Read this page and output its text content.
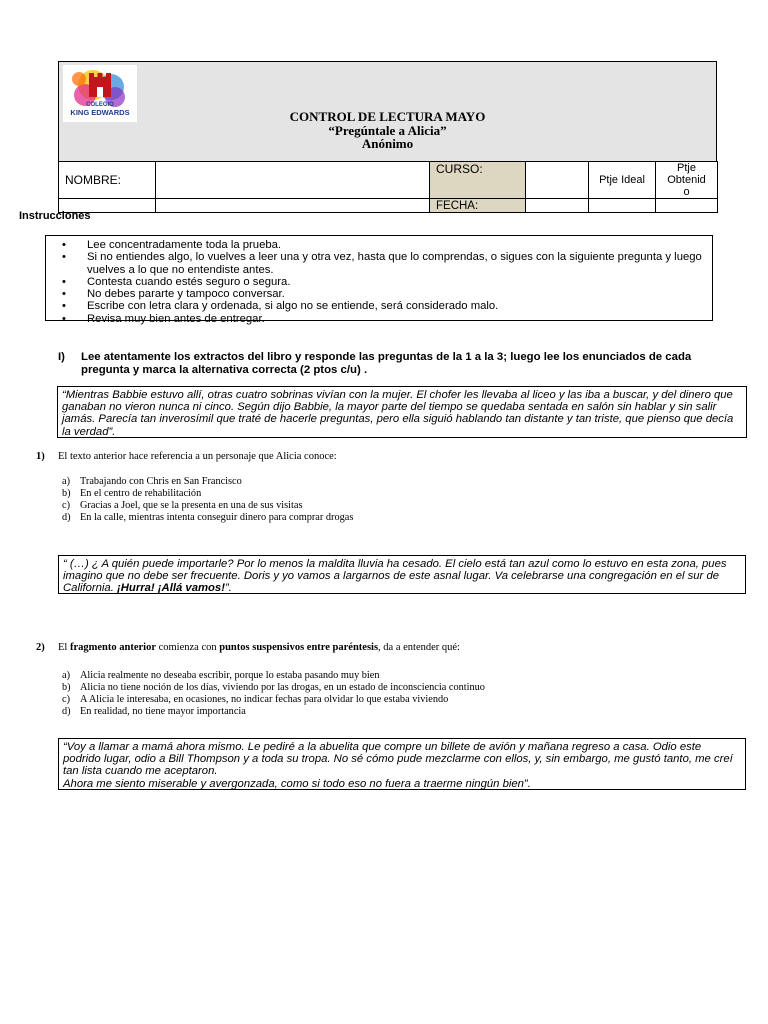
COLEGIO
KING EDWARDS	CONTROL DE LECTURA MAYO
“Pregúntale a Alicia”
Anónimo
NOMBRE:		CURSO:		Ptje Ideal	Ptje
Obtenid
o

		FECHA:			
Instrucciones
• Lee concentradamente toda la prueba.
• Si no entiendes algo, lo vuelves a leer una y otra vez, hasta que lo comprendas, o sigues con la siguiente pregunta y luego vuelves a lo que no entendiste antes.
• Contesta cuando estés seguro o segura.
• No debes pararte y tampoco conversar.
• Escribe con letra clara y ordenada, si algo no se entiende, será considerado malo.
• Revisa muy bien antes de entregar.
I) Lee atentamente los extractos del libro y responde las preguntas de la 1 a la 3; luego lee los enunciados de cada pregunta y marca la alternativa correcta (2 ptos c/u) .
“Mientras Babbie estuvo allí, otras cuatro sobrinas vivían con la mujer. El chofer les llevaba al liceo y las iba a buscar, y del dinero que ganaban no vieron nunca ni cinco. Según dijo Babbie, la mayor parte del tiempo se quedaba sentada en salón sin hablar y sin salir jamás. Parecía tan inverosímil que traté de hacerle preguntas, pero ella siguió hablando tan distante y tan triste, que pienso que decía la verdad”.
1) El texto anterior hace referencia a un personaje que Alicia conoce:
a) Trabajando con Chris en San Francisco
b) En el centro de rehabilitación
c) Gracias a Joel, que se la presenta en una de sus visitas
d) En la calle, mientras intenta conseguir dinero para comprar drogas
“ (…) ¿ A quién puede importarle? Por lo menos la maldita lluvia ha cesado. El cielo está tan azul como lo estuvo en esta zona, pues imagino que no debe ser frecuente. Doris y yo vamos a largarnos de este asnal lugar. Va celebrarse una congregación en el sur de California. ¡Hurra! ¡Allá vamos!”.
2) El fragmento anterior comienza con puntos suspensivos entre paréntesis, da a entender qué:
a) Alicia realmente no deseaba escribir, porque lo estaba pasando muy bien
b) Alicia no tiene noción de los días, viviendo por las drogas, en un estado de inconsciencia continuo
c) A Alicia le interesaba, en ocasiones, no indicar fechas para olvidar lo que estaba viviendo
d) En realidad, no tiene mayor importancia
“Voy a llamar a mamá ahora mismo. Le pediré a la abuelita que compre un billete de avión y mañana regreso a casa. Odio este podrido lugar, odio a Bill Thompson y a toda su tropa. No sé cómo pude mezclarme con ellos, y, sin embargo, me gustó tanto, me creí tan lista cuando me aceptaron.
Ahora me siento miserable y avergonzada, como si todo eso no fuera a traerme ningún bien”.
